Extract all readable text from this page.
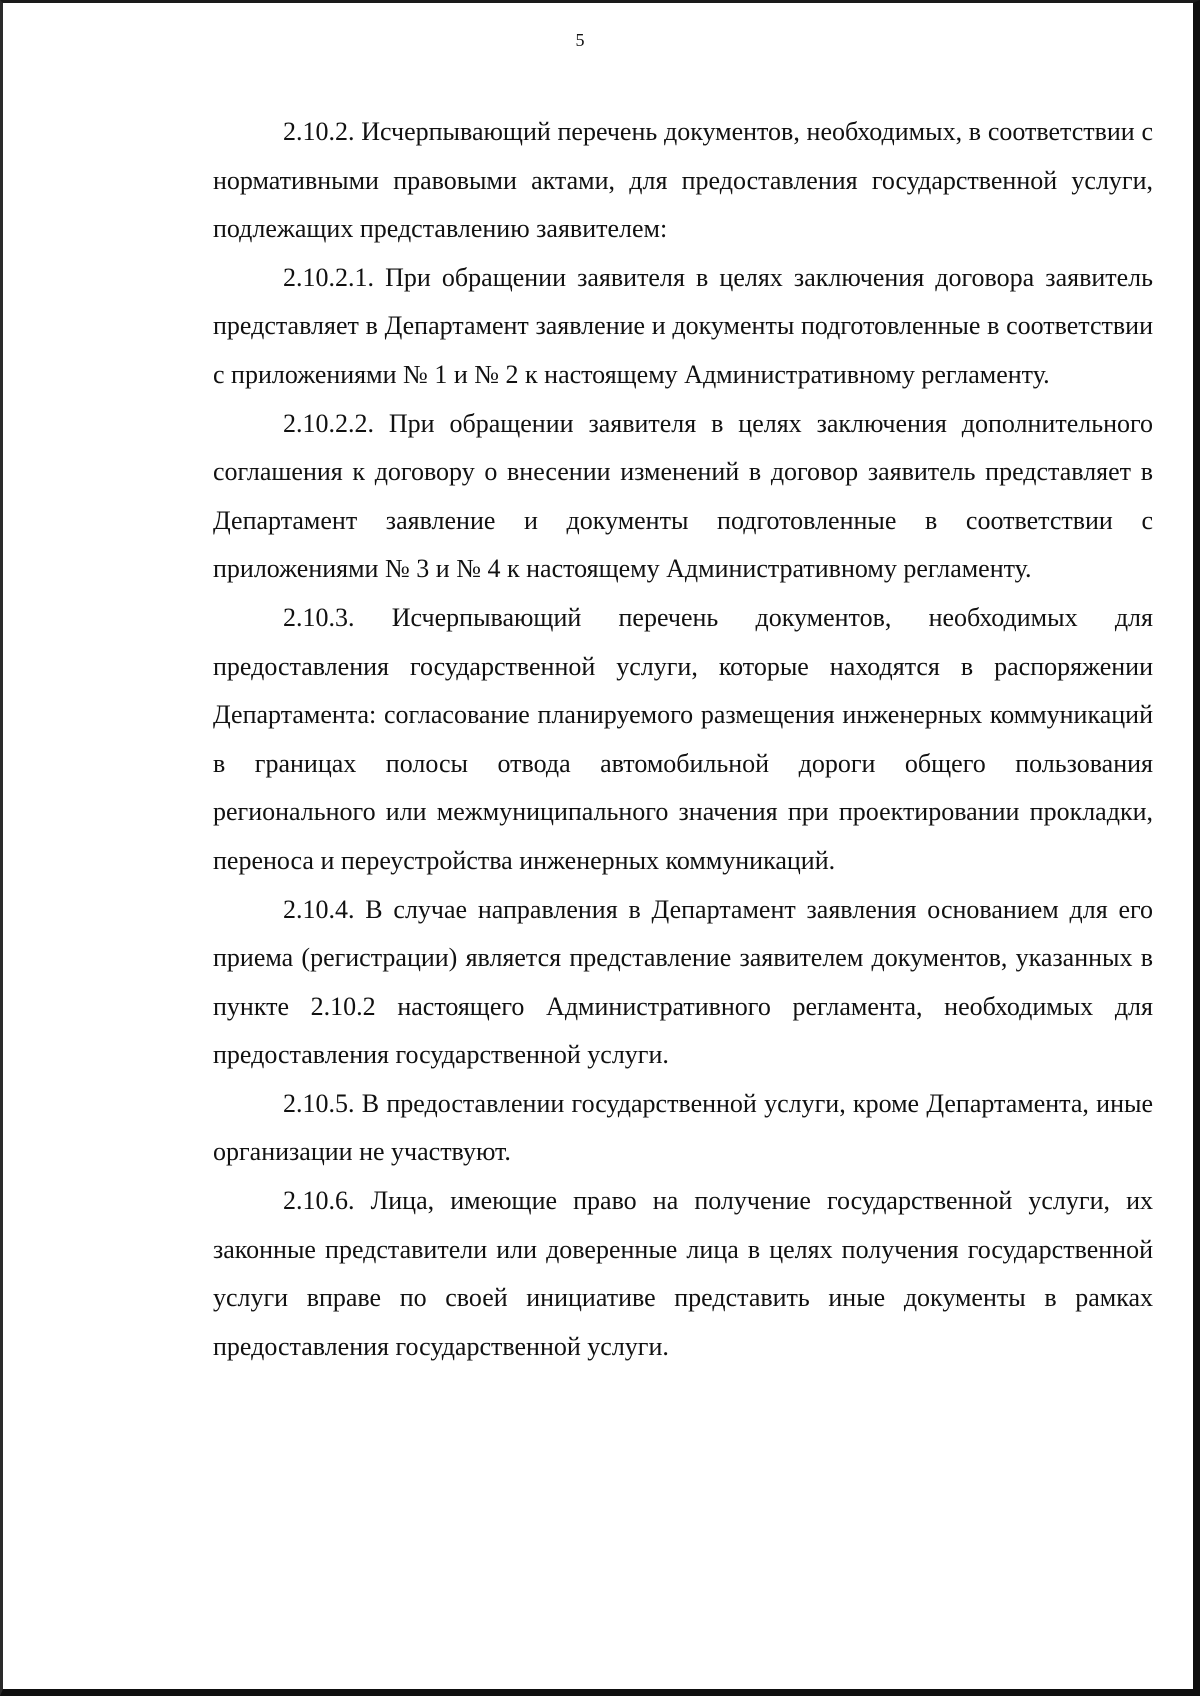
5

2.10.2. Исчерпывающий перечень документов, необходимых, в соответствии с нормативными правовыми актами, для предоставления государственной услуги, подлежащих представлению заявителем:

2.10.2.1. При обращении заявителя в целях заключения договора заявитель представляет в Департамент заявление и документы подготовленные в соответствии с приложениями № 1 и № 2 к настоящему Административному регламенту.

2.10.2.2. При обращении заявителя в целях заключения дополнительного соглашения к договору о внесении изменений в договор заявитель представляет в Департамент заявление и документы подготовленные в соответствии с приложениями № 3 и № 4 к настоящему Административному регламенту.

2.10.3. Исчерпывающий перечень документов, необходимых для предоставления государственной услуги, которые находятся в распоряжении Департамента: согласование планируемого размещения инженерных коммуникаций в границах полосы отвода автомобильной дороги общего пользования регионального или межмуниципального значения при проектировании прокладки, переноса и переустройства инженерных коммуникаций.

2.10.4. В случае направления в Департамент заявления основанием для его приема (регистрации) является представление заявителем документов, указанных в пункте 2.10.2 настоящего Административного регламента, необходимых для предоставления государственной услуги.

2.10.5. В предоставлении государственной услуги, кроме Департамента, иные организации не участвуют.

2.10.6. Лица, имеющие право на получение государственной услуги, их законные представители или доверенные лица в целях получения государственной услуги вправе по своей инициативе представить иные документы в рамках предоставления государственной услуги.
